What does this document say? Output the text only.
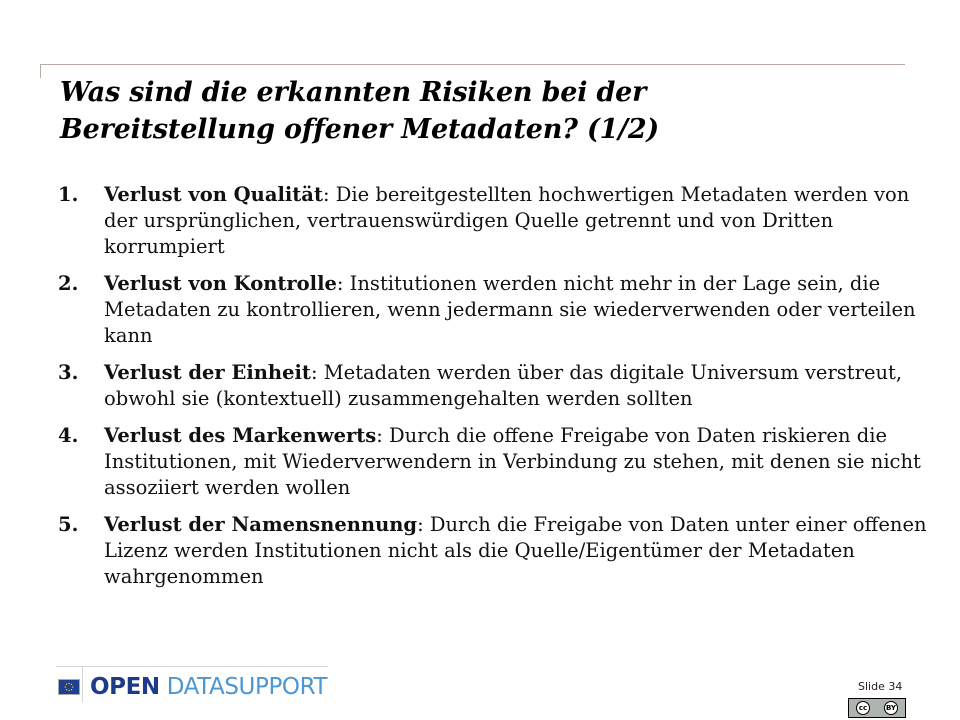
Was sind die erkannten Risiken bei der
Bereitstellung offener Metadaten? (1/2)
1.	Verlust von Qualität: Die bereitgestellten hochwertigen Metadaten werden von der ursprünglichen, vertrauenswürdigen Quelle getrennt und von Dritten korrumpiert
2.	Verlust von Kontrolle: Institutionen werden nicht mehr in der Lage sein, die Metadaten zu kontrollieren, wenn jedermann sie wiederverwenden oder verteilen kann
3.	Verlust der Einheit: Metadaten werden über das digitale Universum verstreut, obwohl sie (kontextuell) zusammengehalten werden sollten
4.	Verlust des Markenwerts: Durch die offene Freigabe von Daten riskieren die Institutionen, mit Wiederverwendern in Verbindung zu stehen, mit denen sie nicht assoziiert werden wollen
5.	Verlust der Namensnennung: Durch die Freigabe von Daten unter einer offenen Lizenz werden Institutionen nicht als die Quelle/Eigentümer der Metadaten wahrgenommen
OPEN DATASUPPORT	Slide 34
cc	BY
